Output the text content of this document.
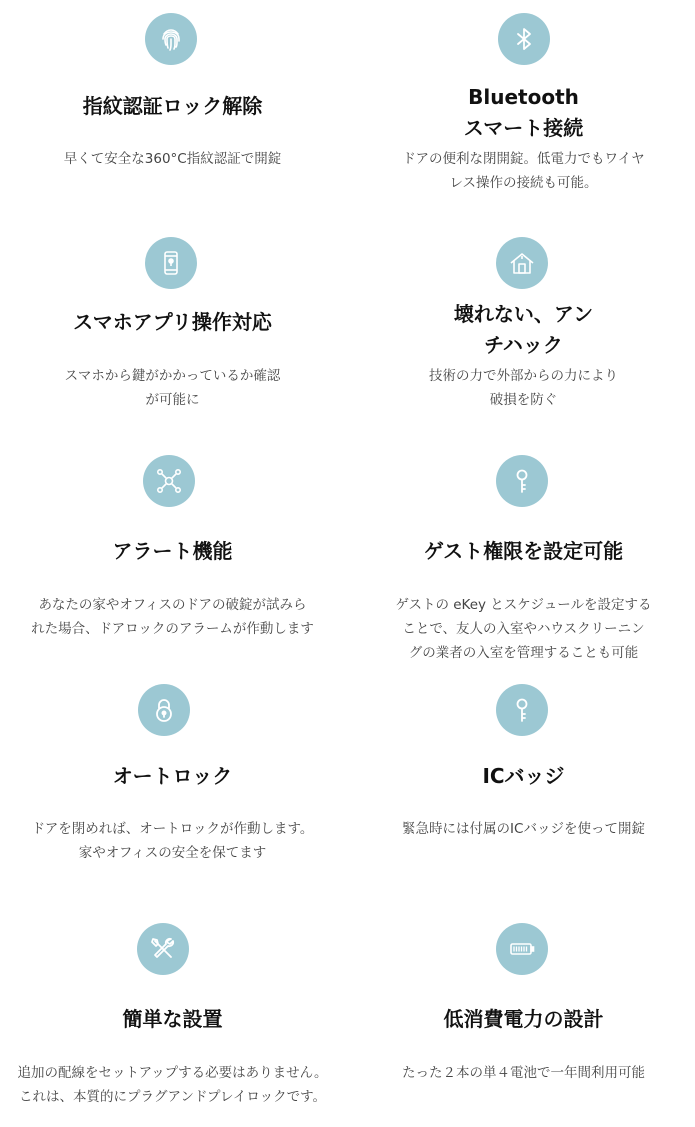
指紋認証ロック解除
早くて安全な360°C指紋認証で開錠
Bluetooth
スマート接続
ドアの便利な閉開錠。低電力でもワイヤ
レス操作の接続も可能。
スマホアプリ操作対応
スマホから鍵がかかっているか確認
が可能に
壊れない、アン
チハック
技術の力で外部からの力により
破損を防ぐ
アラート機能
あなたの家やオフィスのドアの破錠が試みら
れた場合、ドアロックのアラームが作動します
ゲスト権限を設定可能
ゲストの eKey とスケジュールを設定する
ことで、友人の入室やハウスクリーニン
グの業者の入室を管理することも可能
オートロック
ドアを閉めれば、オートロックが作動します。
家やオフィスの安全を保てます
ICバッジ
緊急時には付属のICバッジを使って開錠
簡単な設置
追加の配線をセットアップする必要はありません。
これは、本質的にプラグアンドプレイロックです。
低消費電力の設計
たった２本の単４電池で一年間利用可能
